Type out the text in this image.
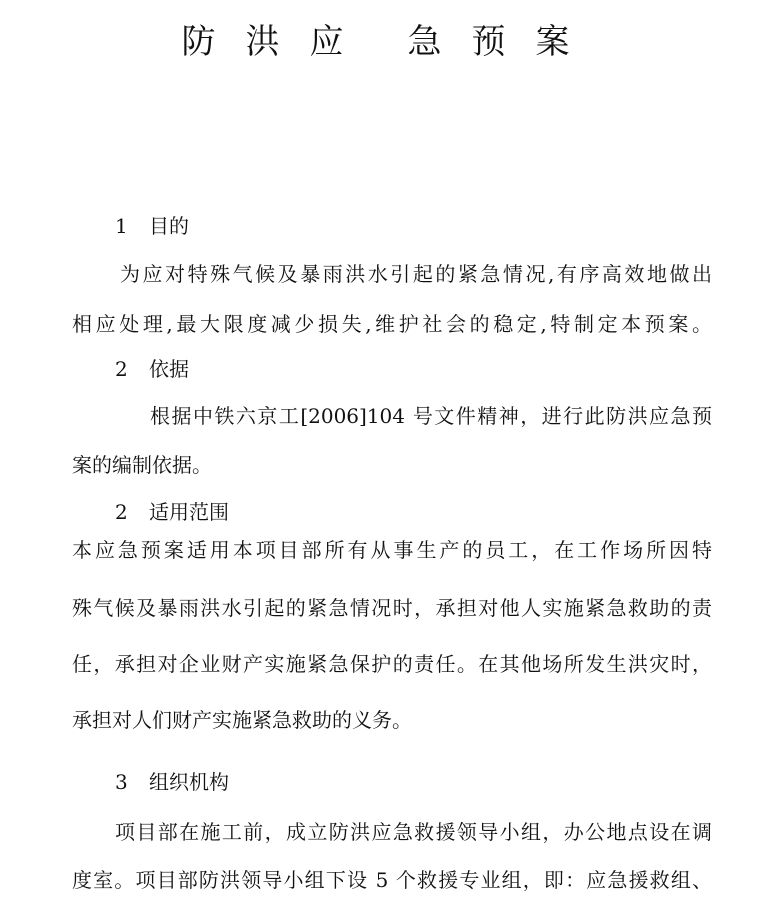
防洪应 急预案
1 目的
为应对特殊气候及暴雨洪水引起的紧急情况,有序高效地做出
相应处理,最大限度减少损失,维护社会的稳定,特制定本预案。
2 依据
根据中铁六京工[2006]104 号文件精神，进行此防洪应急预
案的编制依据。
2 适用范围
本应急预案适用本项目部所有从事生产的员工，在工作场所因特
殊气候及暴雨洪水引起的紧急情况时，承担对他人实施紧急救助的责
任，承担对企业财产实施紧急保护的责任。在其他场所发生洪灾时，
承担对人们财产实施紧急救助的义务。
3 组织机构
项目部在施工前，成立防洪应急救援领导小组，办公地点设在调
度室。项目部防洪领导小组下设 5 个救援专业组，即：应急援救组、
